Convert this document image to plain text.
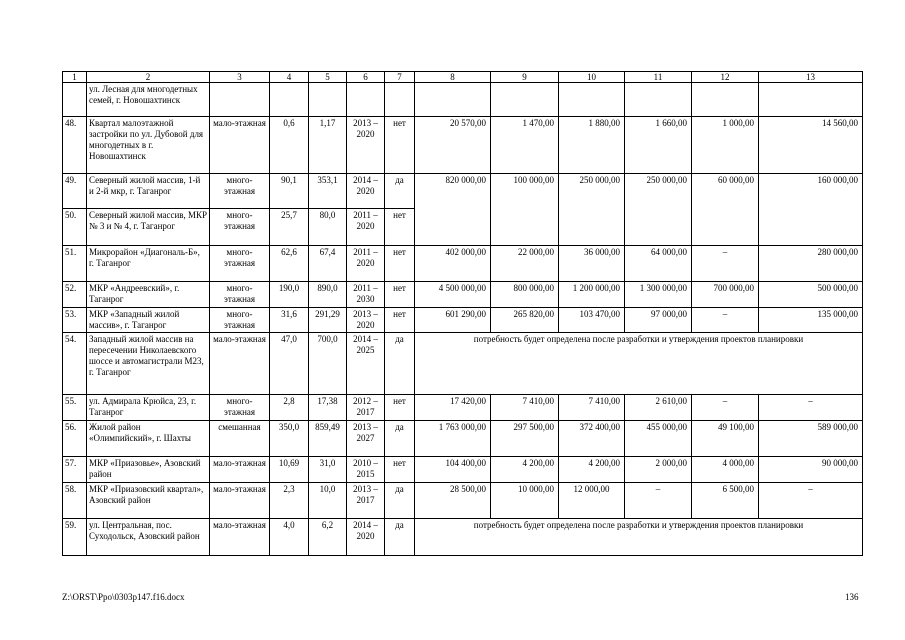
1	2	3	4	5	6	7	8	9	10	11	12	13
	ул. Лесная для многодетных семей, г. Новошахтинск											
48.	Квартал малоэтажной застройки по ул. Дубовой для многодетных в г. Новошахтинск	мало-этажная	0,6	1,17	2013 – 2020	нет	20 570,00	1 470,00	1 880,00	1 660,00	1 000,00	14 560,00
49.	Северный жилой массив, 1-й и 2-й мкр, г. Таганрог	много-этажная	90,1	353,1	2014 – 2020	да	820 000,00	100 000,00	250 000,00	250 000,00	60 000,00	160 000,00
50.	Северный жилой массив, МКР № 3 и № 4, г. Таганрог	много-этажная	25,7	80,0	2011 – 2020	нет						
51.	Микрорайон «Диагональ-Б», г. Таганрог	много-этажная	62,6	67,4	2011 – 2020	нет	402 000,00	22 000,00	36 000,00	64 000,00	–	280 000,00
52.	МКР «Андреевский», г. Таганрог	много-этажная	190,0	890,0	2011 – 2030	нет	4 500 000,00	800 000,00	1 200 000,00	1 300 000,00	700 000,00	500 000,00
53.	МКР «Западный жилой массив», г. Таганрог	много-этажная	31,6	291,29	2013 – 2020	нет	601 290,00	265 820,00	103 470,00	97 000,00	–	135 000,00
54.	Западный жилой массив на пересечении Николаевского шоссе и автомагистрали М23, г. Таганрог	мало-этажная	47,0	700,0	2014 – 2025	да	потребность будет определена после разработки и утверждения проектов планировки					
55.	ул. Адмирала Крюйса, 23, г. Таганрог	много-этажная	2,8	17,38	2012 – 2017	нет	17 420,00	7 410,00	7 410,00	2 610,00	–	–
56.	Жилой район «Олимпийский», г. Шахты	смешанная	350,0	859,49	2013 – 2027	да	1 763 000,00	297 500,00	372 400,00	455 000,00	49 100,00	589 000,00
57.	МКР «Приазовье», Азовский район	мало-этажная	10,69	31,0	2010 – 2015	нет	104 400,00	4 200,00	4 200,00	2 000,00	4 000,00	90 000,00
58.	МКР «Приазовский квартал», Азовский район	мало-этажная	2,3	10,0	2013 – 2017	да	28 500,00	10 000,00	12 000,00	–	6 500,00	–
59.	ул. Центральная, пос. Суходольск, Азовский район	мало-этажная	4,0	6,2	2014 – 2020	да	потребность будет определена после разработки и утверждения проектов планировки					
Z:\ORST\Ppo\0303p147.f16.docx	136
